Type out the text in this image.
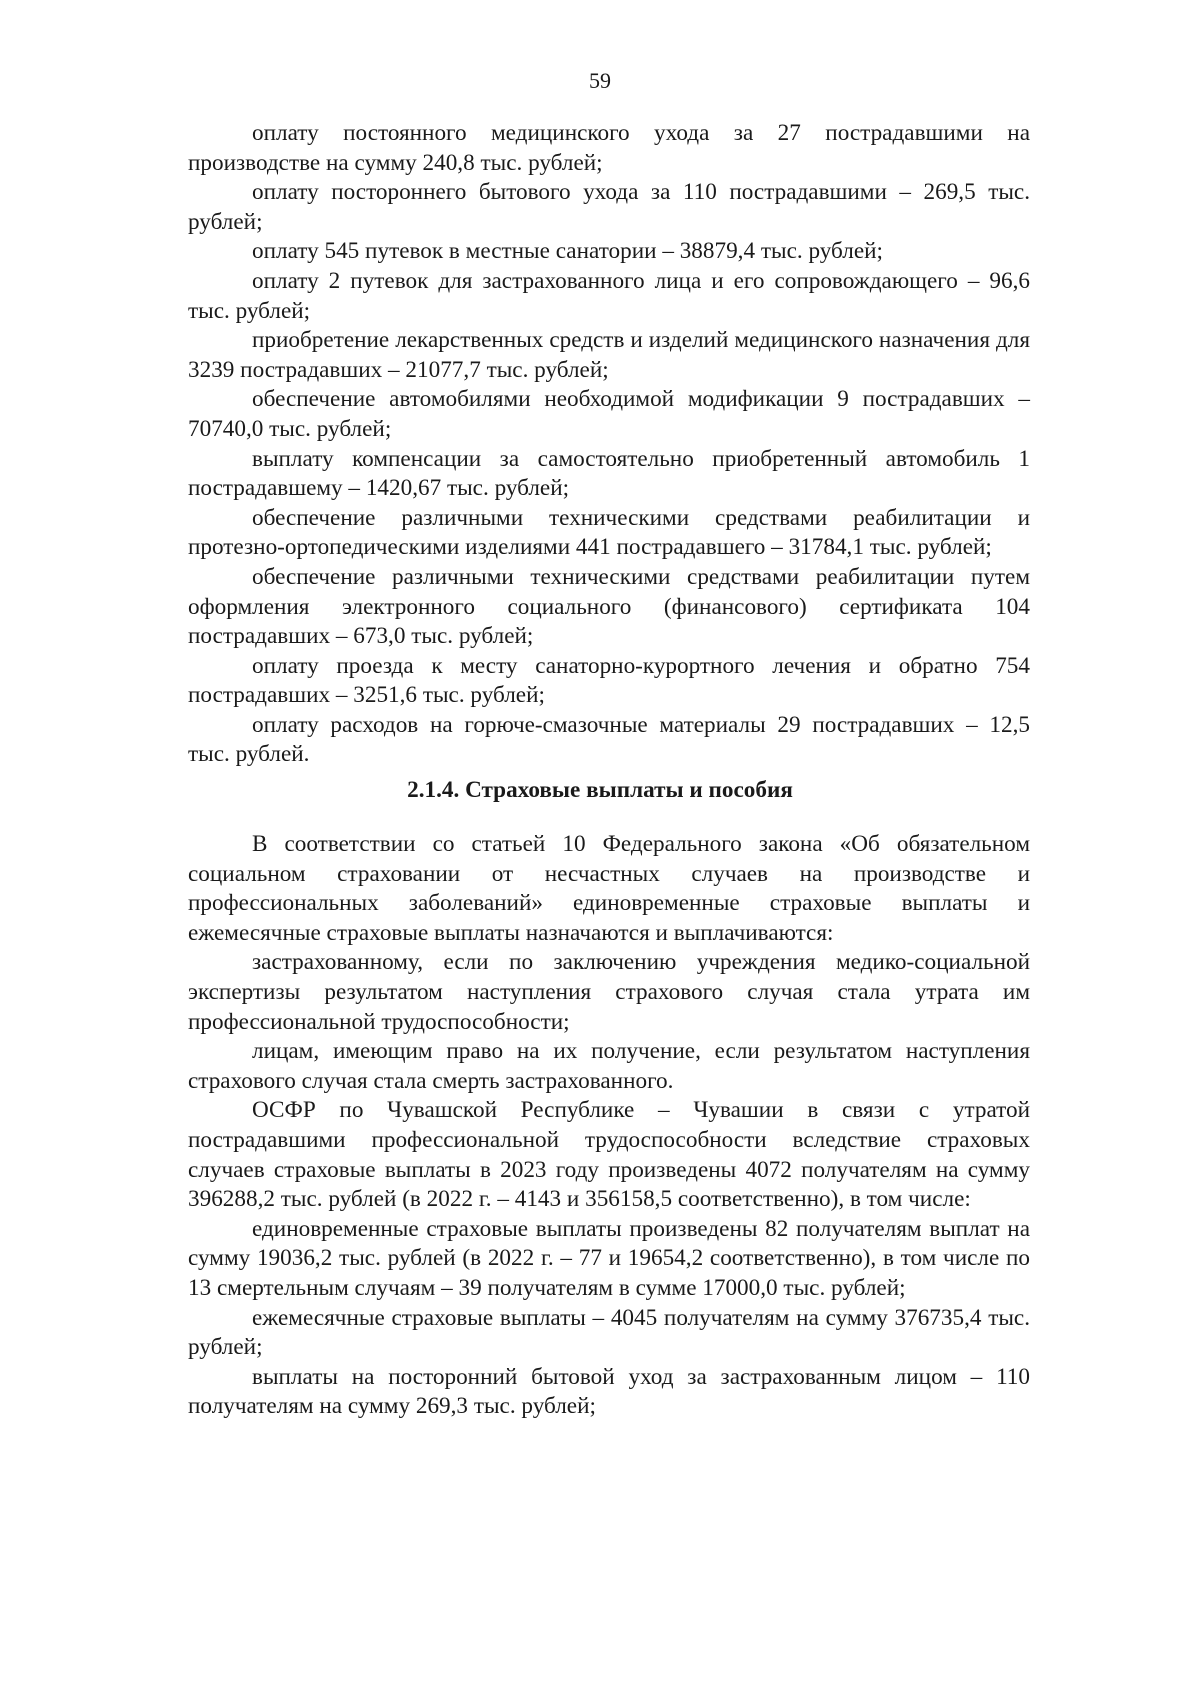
59

оплату постоянного медицинского ухода за 27 пострадавшими на производстве на сумму 240,8 тыс. рублей;

оплату постороннего бытового ухода за 110 пострадавшими – 269,5 тыс. рублей;

оплату 545 путевок в местные санатории – 38879,4 тыс. рублей;

оплату 2 путевок для застрахованного лица и его сопровождающего – 96,6 тыс. рублей;

приобретение лекарственных средств и изделий медицинского назначения для 3239 пострадавших – 21077,7 тыс. рублей;

обеспечение автомобилями необходимой модификации 9 пострадавших – 70740,0 тыс. рублей;

выплату компенсации за самостоятельно приобретенный автомобиль 1 пострадавшему – 1420,67 тыс. рублей;

обеспечение различными техническими средствами реабилитации и протезно-ортопедическими изделиями 441 пострадавшего – 31784,1 тыс. рублей;

обеспечение различными техническими средствами реабилитации путем оформления электронного социального (финансового) сертификата 104 пострадавших – 673,0 тыс. рублей;

оплату проезда к месту санаторно-курортного лечения и обратно 754 пострадавших – 3251,6 тыс. рублей;

оплату расходов на горюче-смазочные материалы 29 пострадавших – 12,5 тыс. рублей.

2.1.4. Страховые выплаты и пособия

В соответствии со статьей 10 Федерального закона «Об обязательном социальном страховании от несчастных случаев на производстве и профессиональных заболеваний» единовременные страховые выплаты и ежемесячные страховые выплаты назначаются и выплачиваются:

застрахованному, если по заключению учреждения медико-социальной экспертизы результатом наступления страхового случая стала утрата им профессиональной трудоспособности;

лицам, имеющим право на их получение, если результатом наступления страхового случая стала смерть застрахованного.

ОСФР по Чувашской Республике – Чувашии в связи с утратой пострадавшими профессиональной трудоспособности вследствие страховых случаев страховые выплаты в 2023 году произведены 4072 получателям на сумму 396288,2 тыс. рублей (в 2022 г. – 4143 и 356158,5 соответственно), в том числе:

единовременные страховые выплаты произведены 82 получателям выплат на сумму 19036,2 тыс. рублей (в 2022 г. – 77 и 19654,2 соответственно), в том числе по 13 смертельным случаям – 39 получателям в сумме 17000,0 тыс. рублей;

ежемесячные страховые выплаты – 4045 получателям на сумму 376735,4 тыс. рублей;

выплаты на посторонний бытовой уход за застрахованным лицом – 110 получателям на сумму 269,3 тыс. рублей;
